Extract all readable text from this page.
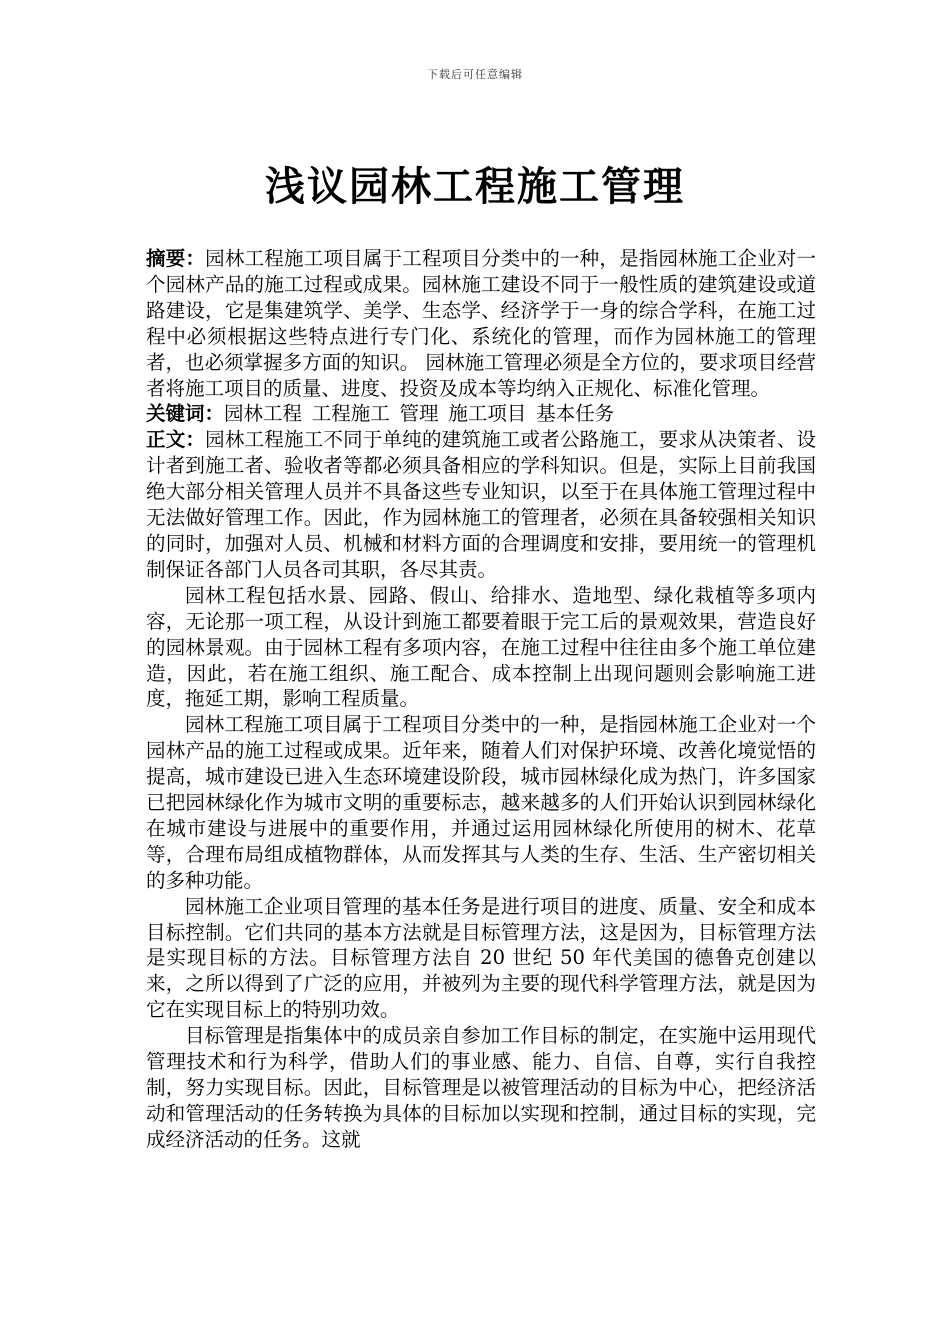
下载后可任意编辑
浅议园林工程施工管理

摘要：园林工程施工项目属于工程项目分类中的一种，是指园林施工企业对一个园林产品的施工过程或成果。园林施工建设不同于一般性质的建筑建设或道路建设，它是集建筑学、美学、生态学、经济学于一身的综合学科，在施工过程中必须根据这些特点进行专门化、系统化的管理，而作为园林施工的管理者，也必须掌握多方面的知识。 园林施工管理必须是全方位的，要求项目经营者将施工项目的质量、进度、投资及成本等均纳入正规化、标准化管理。

关键词：园林工程 工程施工 管理 施工项目 基本任务

正文：园林工程施工不同于单纯的建筑施工或者公路施工，要求从决策者、设计者到施工者、验收者等都必须具备相应的学科知识。但是，实际上目前我国绝大部分相关管理人员并不具备这些专业知识，以至于在具体施工管理过程中无法做好管理工作。因此，作为园林施工的管理者，必须在具备较强相关知识的同时，加强对人员、机械和材料方面的合理调度和安排，要用统一的管理机制保证各部门人员各司其职，各尽其责。

园林工程包括水景、园路、假山、给排水、造地型、绿化栽植等多项内容，无论那一项工程，从设计到施工都要着眼于完工后的景观效果，营造良好的园林景观。由于园林工程有多项内容，在施工过程中往往由多个施工单位建造，因此，若在施工组织、施工配合、成本控制上出现问题则会影响施工进度，拖延工期，影响工程质量。

园林工程施工项目属于工程项目分类中的一种，是指园林施工企业对一个园林产品的施工过程或成果。近年来，随着人们对保护环境、改善化境觉悟的提高，城市建设已进入生态环境建设阶段，城市园林绿化成为热门，许多国家已把园林绿化作为城市文明的重要标志，越来越多的人们开始认识到园林绿化在城市建设与进展中的重要作用，并通过运用园林绿化所使用的树木、花草等，合理布局组成植物群体，从而发挥其与人类的生存、生活、生产密切相关的多种功能。

园林施工企业项目管理的基本任务是进行项目的进度、质量、安全和成本目标控制。它们共同的基本方法就是目标管理方法，这是因为，目标管理方法是实现目标的方法。目标管理方法自 20 世纪 50 年代美国的德鲁克创建以来，之所以得到了广泛的应用，并被列为主要的现代科学管理方法，就是因为它在实现目标上的特别功效。

目标管理是指集体中的成员亲自参加工作目标的制定，在实施中运用现代管理技术和行为科学，借助人们的事业感、能力、自信、自尊，实行自我控制，努力实现目标。因此，目标管理是以被管理活动的目标为中心，把经济活动和管理活动的任务转换为具体的目标加以实现和控制，通过目标的实现，完成经济活动的任务。这就
